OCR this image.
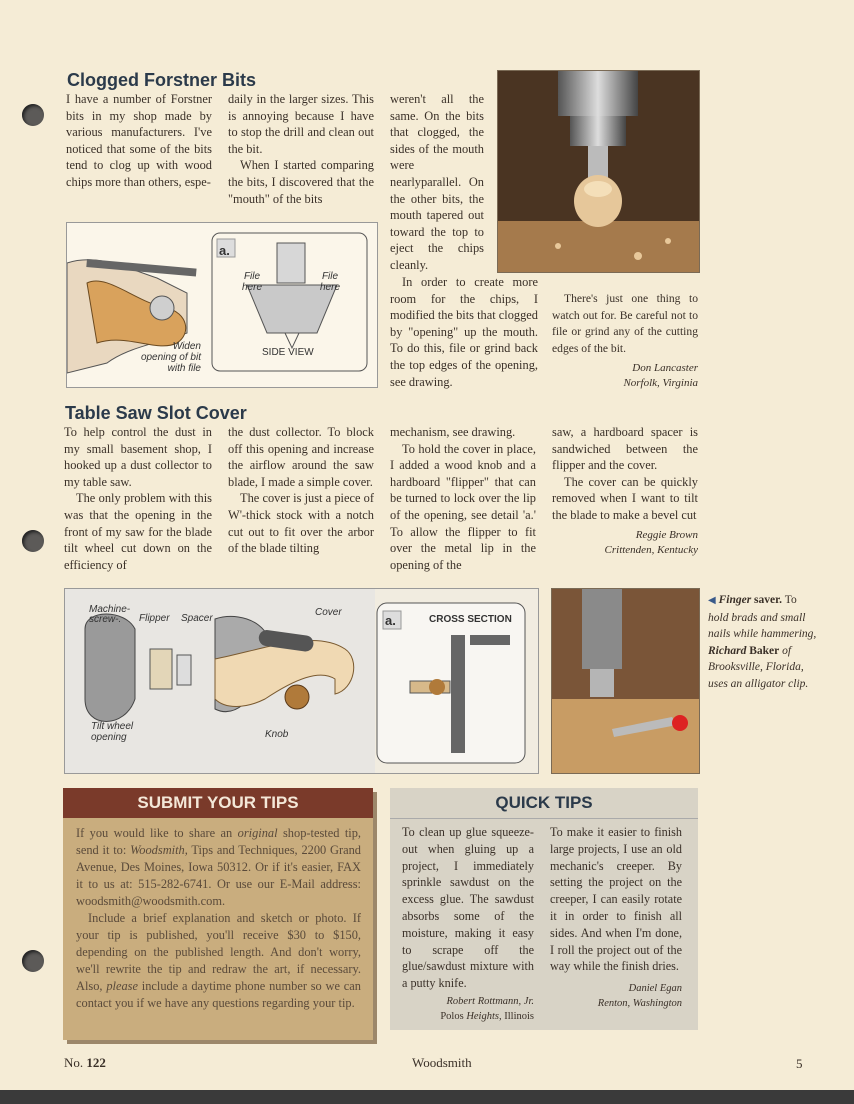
Clogged Forstner Bits

I have a number of Forstner bits in my shop made by various manufacturers. I've noticed that some of the bits tend to clog up with wood chips more than others, espe-

daily in the larger sizes. This is annoying because I have to stop the drill and clean out the bit.

When I started comparing the bits, I discovered that the "mouth" of the bits

weren't all the same. On the bits that clogged, the sides of the mouth were nearlyparallel. On the other bits, the mouth tapered out toward the top to eject the chips cleanly.

In order to create more room for the chips, I modified the bits that clogged by "opening" up the mouth. To do this, file or grind back the top edges of the opening, see drawing.

There's just one thing to watch out for. Be careful not to file or grind any of the cutting edges of the bit.

Don Lancaster
Norfolk, Virginia
a.
File here
File here
SIDE VIEW
Widen opening of bit with file
Table Saw Slot Cover

To help control the dust in my small basement shop, I hooked up a dust collector to my table saw.

The only problem with this was that the opening in the front of my saw for the blade tilt wheel cut down on the efficiency of

the dust collector. To block off this opening and increase the airflow around the saw blade, I made a simple cover.

The cover is just a piece of W'-thick stock with a notch cut out to fit over the arbor of the blade tilting

mechanism, see drawing.

To hold the cover in place, I added a wood knob and a hardboard "flipper" that can be turned to lock over the lip of the opening, see detail 'a.' To allow the flipper to fit over the metal lip in the opening of the

saw, a hardboard spacer is sandwiched between the flipper and the cover.

The cover can be quickly removed when I want to tilt the blade to make a bevel cut

Reggie Brown
Crittenden, Kentucky
Machine-screw-.	Flipper Spacer
Cover
Tilt wheel opening	Knob
a.	CROSS SECTION
◀ Finger saver. To hold brads and small nails while hammering, Richard Baker of Brooksville, Florida, uses an alligator clip.
SUBMIT YOUR TIPS

If you would like to share an original shop-tested tip, send it to: Woodsmith, Tips and Techniques, 2200 Grand Avenue, Des Moines, Iowa 50312. Or if it's easier, FAX it to us at: 515-282-6741. Or use our E-Mail address: woodsmith@woodsmith.com.

Include a brief explanation and sketch or photo. If your tip is published, you'll receive $30 to $150, depending on the published length. And don't worry, we'll rewrite the tip and redraw the art, if necessary. Also, please include a daytime phone number so we can contact you if we have any questions regarding your tip.

QUICK TIPS

To clean up glue squeeze-out when gluing up a project, I immediately sprinkle sawdust on the excess glue. The sawdust absorbs some of the moisture, making it easy to scrape off the glue/sawdust mixture with a putty knife.

Robert Rottmann, Jr.
Polos Heights, Illinois

To make it easier to finish large projects, I use an old mechanic's creeper. By setting the project on the creeper, I can easily rotate it in order to finish all sides. And when I'm done, I roll the project out of the way while the finish dries.

Daniel Egan
Renton, Washington
No. 122	Woodsmith	5
